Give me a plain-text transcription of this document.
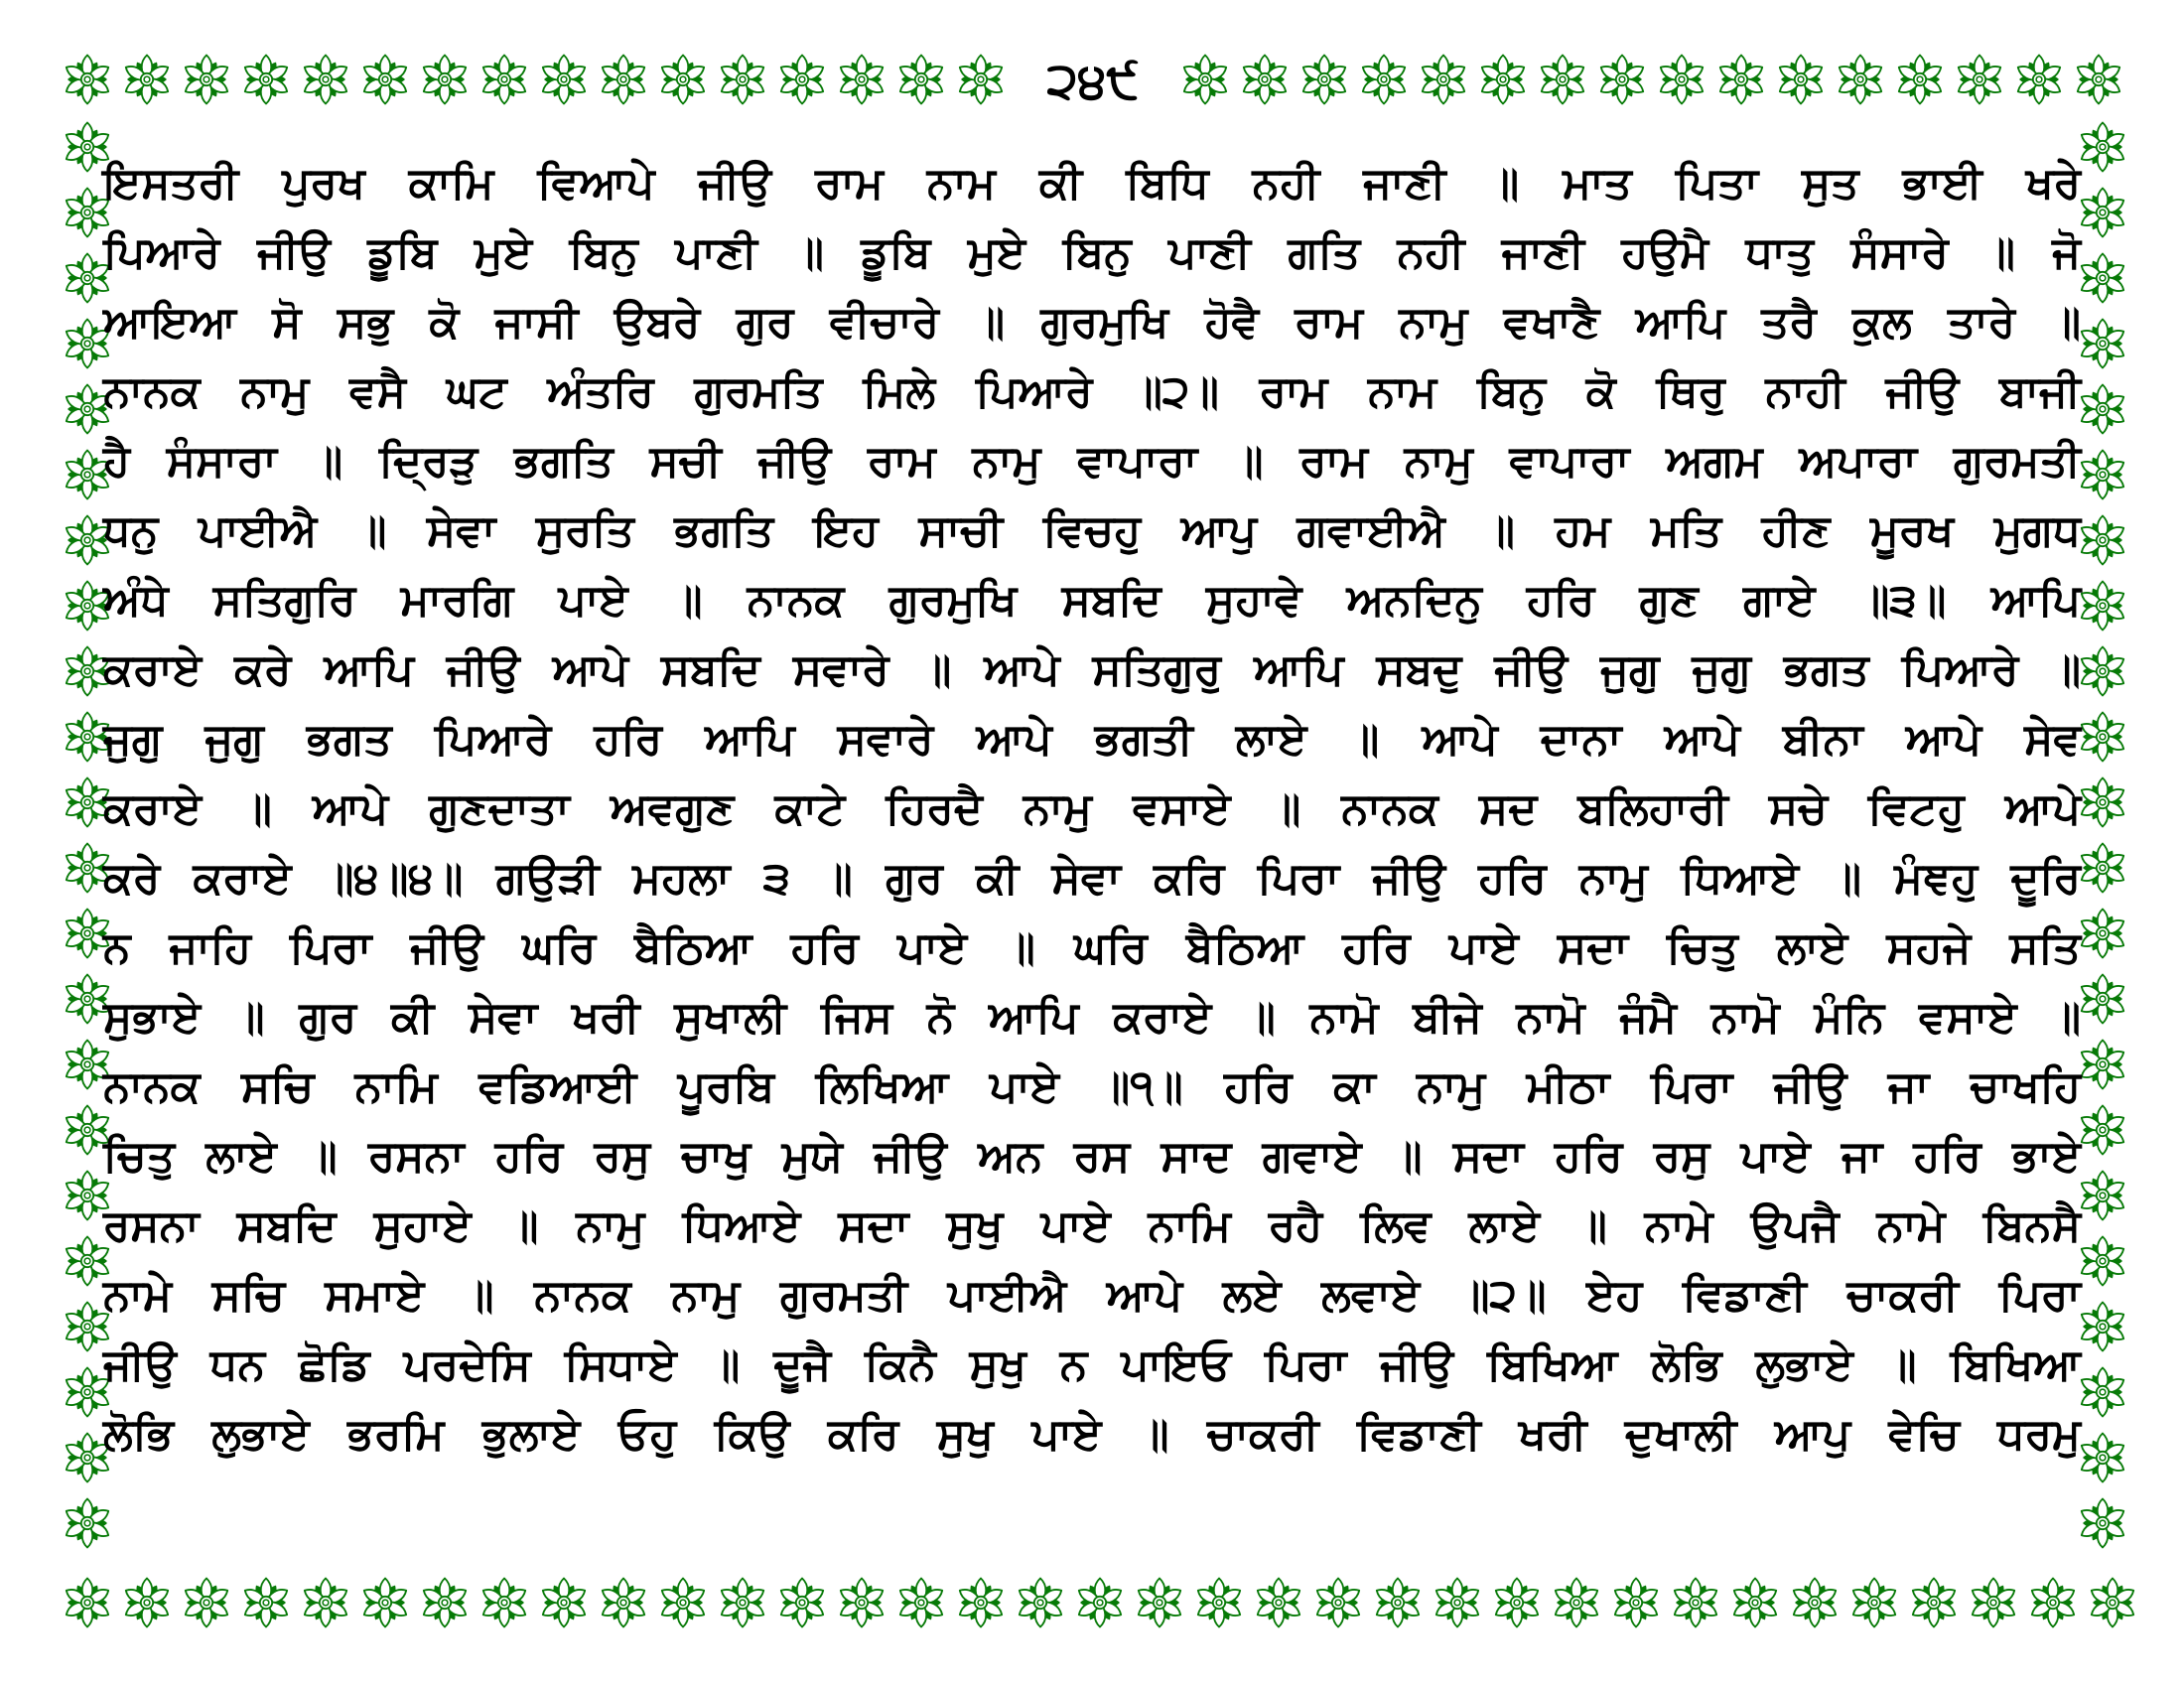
੨੪੯
ਇਸਤਰੀ ਪੁਰਖ ਕਾਮਿ ਵਿਆਪੇ ਜੀਉ ਰਾਮ ਨਾਮ ਕੀ ਬਿਧਿ ਨਹੀ ਜਾਣੀ ॥ ਮਾਤ ਪਿਤਾ ਸੁਤ ਭਾਈ ਖਰੇ
ਪਿਆਰੇ ਜੀਉ ਡੂਬਿ ਮੁਏ ਬਿਨੁ ਪਾਣੀ ॥ ਡੂਬਿ ਮੁਏ ਬਿਨੁ ਪਾਣੀ ਗਤਿ ਨਹੀ ਜਾਣੀ ਹਉਮੈ ਧਾਤੁ ਸੰਸਾਰੇ ॥ ਜੋ
ਆਇਆ ਸੋ ਸਭੁ ਕੋ ਜਾਸੀ ਉਬਰੇ ਗੁਰ ਵੀਚਾਰੇ ॥ ਗੁਰਮੁਖਿ ਹੋਵੈ ਰਾਮ ਨਾਮੁ ਵਖਾਣੈ ਆਪਿ ਤਰੈ ਕੁਲ ਤਾਰੇ ॥
ਨਾਨਕ ਨਾਮੁ ਵਸੈ ਘਟ ਅੰਤਰਿ ਗੁਰਮਤਿ ਮਿਲੇ ਪਿਆਰੇ ॥੨॥ ਰਾਮ ਨਾਮ ਬਿਨੁ ਕੋ ਥਿਰੁ ਨਾਹੀ ਜੀਉ ਬਾਜੀ
ਹੈ ਸੰਸਾਰਾ ॥ ਦ੍ਰਿੜੁ ਭਗਤਿ ਸਚੀ ਜੀਉ ਰਾਮ ਨਾਮੁ ਵਾਪਾਰਾ ॥ ਰਾਮ ਨਾਮੁ ਵਾਪਾਰਾ ਅਗਮ ਅਪਾਰਾ ਗੁਰਮਤੀ
ਧਨੁ ਪਾਈਐ ॥ ਸੇਵਾ ਸੁਰਤਿ ਭਗਤਿ ਇਹ ਸਾਚੀ ਵਿਚਹੁ ਆਪੁ ਗਵਾਈਐ ॥ ਹਮ ਮਤਿ ਹੀਣ ਮੂਰਖ ਮੁਗਧ
ਅੰਧੇ ਸਤਿਗੁਰਿ ਮਾਰਗਿ ਪਾਏ ॥ ਨਾਨਕ ਗੁਰਮੁਖਿ ਸਬਦਿ ਸੁਹਾਵੇ ਅਨਦਿਨੁ ਹਰਿ ਗੁਣ ਗਾਏ ॥੩॥ ਆਪਿ
ਕਰਾਏ ਕਰੇ ਆਪਿ ਜੀਉ ਆਪੇ ਸਬਦਿ ਸਵਾਰੇ ॥ ਆਪੇ ਸਤਿਗੁਰੁ ਆਪਿ ਸਬਦੁ ਜੀਉ ਜੁਗੁ ਜੁਗੁ ਭਗਤ ਪਿਆਰੇ ॥
ਜੁਗੁ ਜੁਗੁ ਭਗਤ ਪਿਆਰੇ ਹਰਿ ਆਪਿ ਸਵਾਰੇ ਆਪੇ ਭਗਤੀ ਲਾਏ ॥ ਆਪੇ ਦਾਨਾ ਆਪੇ ਬੀਨਾ ਆਪੇ ਸੇਵ
ਕਰਾਏ ॥ ਆਪੇ ਗੁਣਦਾਤਾ ਅਵਗੁਣ ਕਾਟੇ ਹਿਰਦੈ ਨਾਮੁ ਵਸਾਏ ॥ ਨਾਨਕ ਸਦ ਬਲਿਹਾਰੀ ਸਚੇ ਵਿਟਹੁ ਆਪੇ
ਕਰੇ ਕਰਾਏ ॥੪॥੪॥ ਗਉੜੀ ਮਹਲਾ ੩ ॥ ਗੁਰ ਕੀ ਸੇਵਾ ਕਰਿ ਪਿਰਾ ਜੀਉ ਹਰਿ ਨਾਮੁ ਧਿਆਏ ॥ ਮੰਞਹੁ ਦੂਰਿ
ਨ ਜਾਹਿ ਪਿਰਾ ਜੀਉ ਘਰਿ ਬੈਠਿਆ ਹਰਿ ਪਾਏ ॥ ਘਰਿ ਬੈਠਿਆ ਹਰਿ ਪਾਏ ਸਦਾ ਚਿਤੁ ਲਾਏ ਸਹਜੇ ਸਤਿ
ਸੁਭਾਏ ॥ ਗੁਰ ਕੀ ਸੇਵਾ ਖਰੀ ਸੁਖਾਲੀ ਜਿਸ ਨੋ ਆਪਿ ਕਰਾਏ ॥ ਨਾਮੋ ਬੀਜੇ ਨਾਮੋ ਜੰਮੈ ਨਾਮੋ ਮੰਨਿ ਵਸਾਏ ॥
ਨਾਨਕ ਸਚਿ ਨਾਮਿ ਵਡਿਆਈ ਪੂਰਬਿ ਲਿਖਿਆ ਪਾਏ ॥੧॥ ਹਰਿ ਕਾ ਨਾਮੁ ਮੀਠਾ ਪਿਰਾ ਜੀਉ ਜਾ ਚਾਖਹਿ
ਚਿਤੁ ਲਾਏ ॥ ਰਸਨਾ ਹਰਿ ਰਸੁ ਚਾਖੁ ਮੁਯੇ ਜੀਉ ਅਨ ਰਸ ਸਾਦ ਗਵਾਏ ॥ ਸਦਾ ਹਰਿ ਰਸੁ ਪਾਏ ਜਾ ਹਰਿ ਭਾਏ
ਰਸਨਾ ਸਬਦਿ ਸੁਹਾਏ ॥ ਨਾਮੁ ਧਿਆਏ ਸਦਾ ਸੁਖੁ ਪਾਏ ਨਾਮਿ ਰਹੈ ਲਿਵ ਲਾਏ ॥ ਨਾਮੇ ਉਪਜੈ ਨਾਮੇ ਬਿਨਸੈ
ਨਾਮੇ ਸਚਿ ਸਮਾਏ ॥ ਨਾਨਕ ਨਾਮੁ ਗੁਰਮਤੀ ਪਾਈਐ ਆਪੇ ਲਏ ਲਵਾਏ ॥੨॥ ਏਹ ਵਿਡਾਣੀ ਚਾਕਰੀ ਪਿਰਾ
ਜੀਉ ਧਨ ਛੋਡਿ ਪਰਦੇਸਿ ਸਿਧਾਏ ॥ ਦੂਜੈ ਕਿਨੈ ਸੁਖੁ ਨ ਪਾਇਓ ਪਿਰਾ ਜੀਉ ਬਿਖਿਆ ਲੋਭਿ ਲੁਭਾਏ ॥ ਬਿਖਿਆ
ਲੋਭਿ ਲੁਭਾਏ ਭਰਮਿ ਭੁਲਾਏ ਓਹੁ ਕਿਉ ਕਰਿ ਸੁਖੁ ਪਾਏ ॥ ਚਾਕਰੀ ਵਿਡਾਣੀ ਖਰੀ ਦੁਖਾਲੀ ਆਪੁ ਵੇਚਿ ਧਰਮੁ
